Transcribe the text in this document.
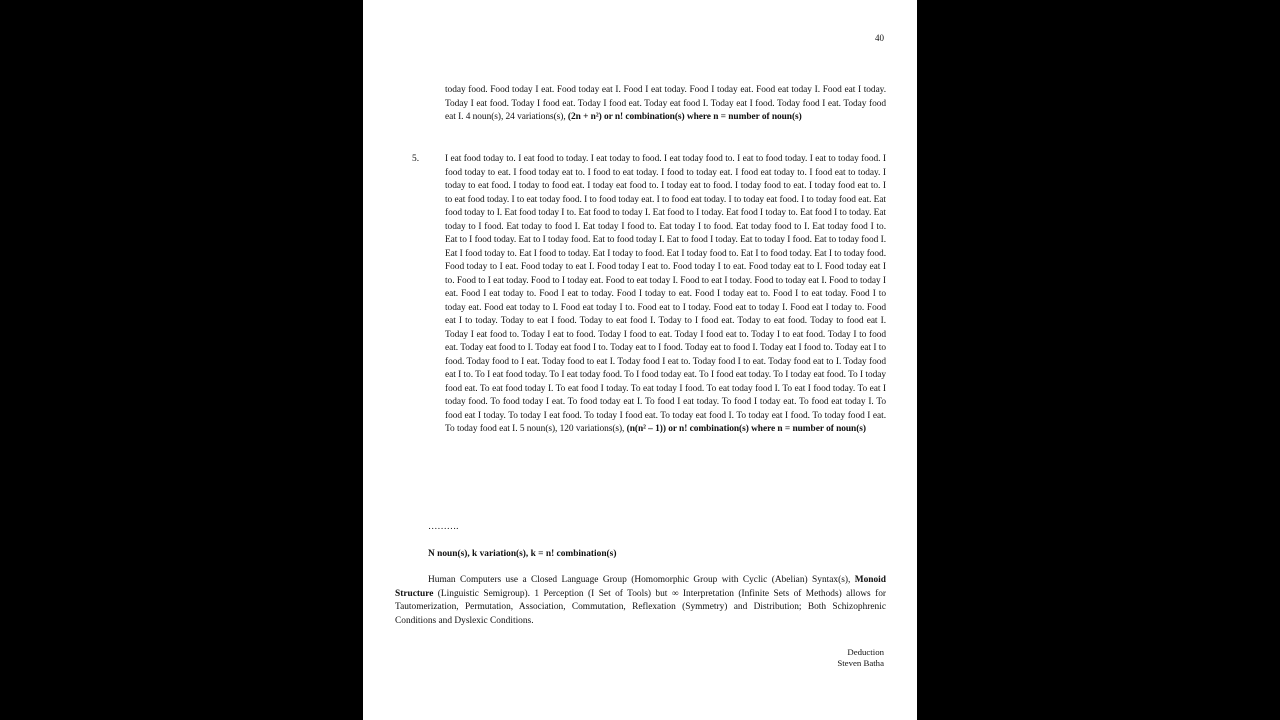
40
today food. Food today I eat. Food today eat I. Food I eat today. Food I today eat. Food eat today I. Food eat I today. Today I eat food. Today I food eat. Today I food eat. Today eat food I. Today eat I food. Today food I eat. Today food eat I. 4 noun(s), 24 variations(s), (2n + n²) or n! combination(s) where n = number of noun(s)
5.	I eat food today to. I eat food to today. I eat today to food. I eat today food to. I eat to food today. I eat to today food. I food today to eat. I food today eat to. I food to eat today. I food to today eat. I food eat today to. I food eat to today. I today to eat food. I today to food eat. I today eat food to. I today eat to food. I today food to eat. I today food eat to. I to eat food today. I to eat today food. I to food today eat. I to food eat today. I to today eat food. I to today food eat. Eat food today to I. Eat food today I to. Eat food to today I. Eat food to I today. Eat food I today to. Eat food I to today. Eat today to I food. Eat today to food I. Eat today I food to. Eat today I to food. Eat today food to I. Eat today food I to. Eat to I food today. Eat to I today food. Eat to food today I. Eat to food I today. Eat to today I food. Eat to today food I. Eat I food today to. Eat I food to today. Eat I today to food. Eat I today food to. Eat I to food today. Eat I to today food. Food today to I eat. Food today to eat I. Food today I eat to. Food today I to eat. Food today eat to I. Food today eat I to. Food to I eat today. Food to I today eat. Food to eat today I. Food to eat I today. Food to today eat I. Food to today I eat. Food I eat today to. Food I eat to today. Food I today to eat. Food I today eat to. Food I to eat today. Food I to today eat. Food eat today to I. Food eat today I to. Food eat to I today. Food eat to today I. Food eat I today to. Food eat I to today. Today to eat I food. Today to eat food I. Today to I food eat. Today to eat food. Today to food eat I. Today I eat food to. Today I eat to food. Today I food to eat. Today I food eat to. Today I to eat food. Today I to food eat. Today eat food to I. Today eat food I to. Today eat to I food. Today eat to food I. Today eat I food to. Today eat I to food. Today food to I eat. Today food to eat I. Today food I eat to. Today food I to eat. Today food eat to I. Today food eat I to. To I eat food today. To I eat today food. To I food today eat. To I food eat today. To I today eat food. To I today food eat. To eat food today I. To eat food I today. To eat today I food. To eat today food I. To eat I food today. To eat I today food. To food today I eat. To food today eat I. To food I eat today. To food I today eat. To food eat today I. To food eat I today. To today I eat food. To today I food eat. To today eat food I. To today eat I food. To today food I eat. To today food eat I. 5 noun(s), 120 variations(s), (n(n² – 1)) or n! combination(s) where n = number of noun(s)
……….
N noun(s), k variation(s), k = n! combination(s)
Human Computers use a Closed Language Group (Homomorphic Group with Cyclic (Abelian) Syntax(s), Monoid Structure (Linguistic Semigroup). 1 Perception (I Set of Tools) but ∞ Interpretation (Infinite Sets of Methods) allows for Tautomerization, Permutation, Association, Commutation, Reflexation (Symmetry) and Distribution; Both Schizophrenic Conditions and Dyslexic Conditions.
Deduction
Steven Batha
